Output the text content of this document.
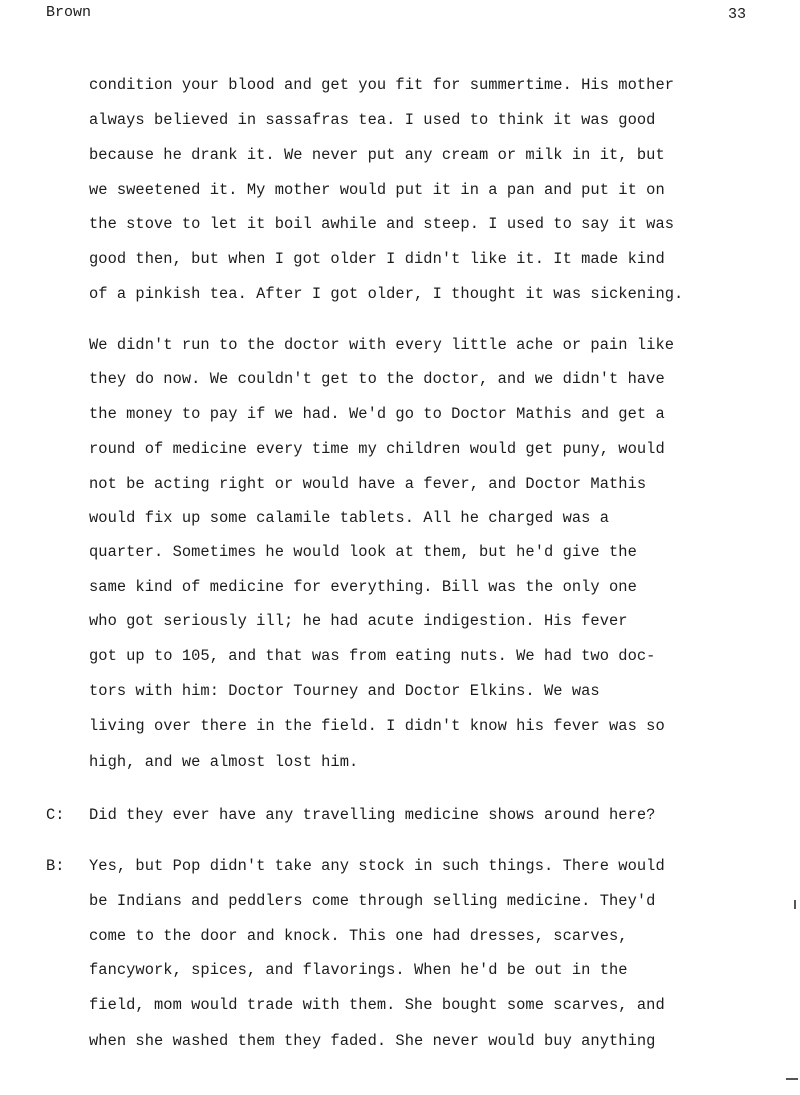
Brown	33
condition your blood and get you fit for summertime. His mother
always believed in sassafras tea. I used to think it was good
because he drank it. We never put any cream or milk in it, but
we sweetened it. My mother would put it in a pan and put it on
the stove to let it boil awhile and steep. I used to say it was
good then, but when I got older I didn't like it. It made kind
of a pinkish tea. After I got older, I thought it was sickening.
We didn't run to the doctor with every little ache or pain like
they do now. We couldn't get to the doctor, and we didn't have
the money to pay if we had. We'd go to Doctor Mathis and get a
round of medicine every time my children would get puny, would
not be acting right or would have a fever, and Doctor Mathis
would fix up some calamile tablets. All he charged was a
quarter. Sometimes he would look at them, but he'd give the
same kind of medicine for everything. Bill was the only one
who got seriously ill; he had acute indigestion. His fever
got up to 105, and that was from eating nuts. We had two doc-
tors with him: Doctor Tourney and Doctor Elkins. We was
living over there in the field. I didn't know his fever was so
high, and we almost lost him.
C: Did they ever have any travelling medicine shows around here?
B: Yes, but Pop didn't take any stock in such things. There would
be Indians and peddlers come through selling medicine. They'd
come to the door and knock. This one had dresses, scarves,
fancywork, spices, and flavorings. When he'd be out in the
field, mom would trade with them. She bought some scarves, and
when she washed them they faded. She never would buy anything
